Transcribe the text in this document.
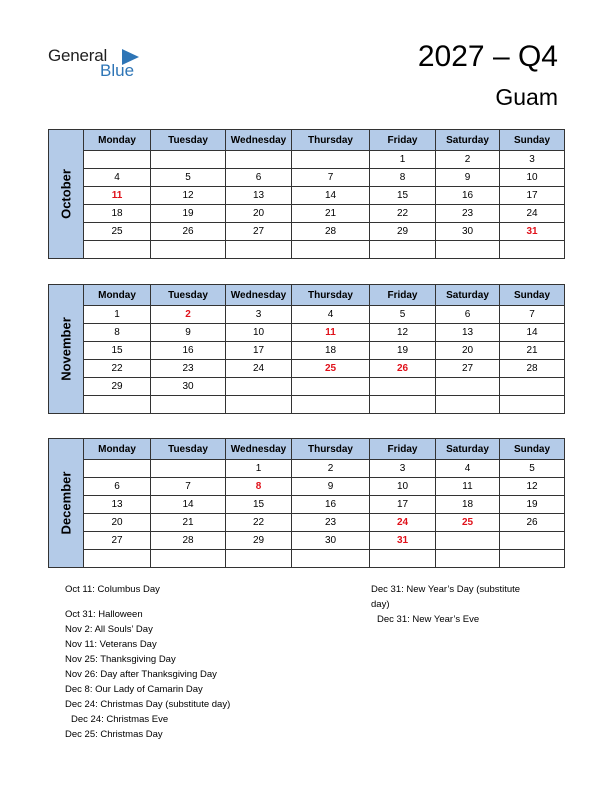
General
Blue	2027 – Q4
Guam
October	Monday	Tuesday	Wednesday	Thursday	Friday	Saturday	Sunday
					1	2	3
	4	5	6	7	8	9	10
	11	12	13	14	15	16	17
	18	19	20	21	22	23	24
	25	26	27	28	29	30	31

November	Monday	Tuesday	Wednesday	Thursday	Friday	Saturday	Sunday
	1	2	3	4	5	6	7
	8	9	10	11	12	13	14
	15	16	17	18	19	20	21
	22	23	24	25	26	27	28
	29	30					

December	Monday	Tuesday	Wednesday	Thursday	Friday	Saturday	Sunday
			1	2	3	4	5
	6	7	8	9	10	11	12
	13	14	15	16	17	18	19
	20	21	22	23	24	25	26
	27	28	29	30	31		

Oct 11: Columbus Day

Oct 31: Halloween
Nov 2: All Souls’ Day
Nov 11: Veterans Day
Nov 25: Thanksgiving Day
Nov 26: Day after Thanksgiving Day
Dec 8: Our Lady of Camarin Day
Dec 24: Christmas Day (substitute day)
Dec 24: Christmas Eve
Dec 25: Christmas Day
Dec 31: New Year’s Day (substitute
day)
Dec 31: New Year’s Eve
